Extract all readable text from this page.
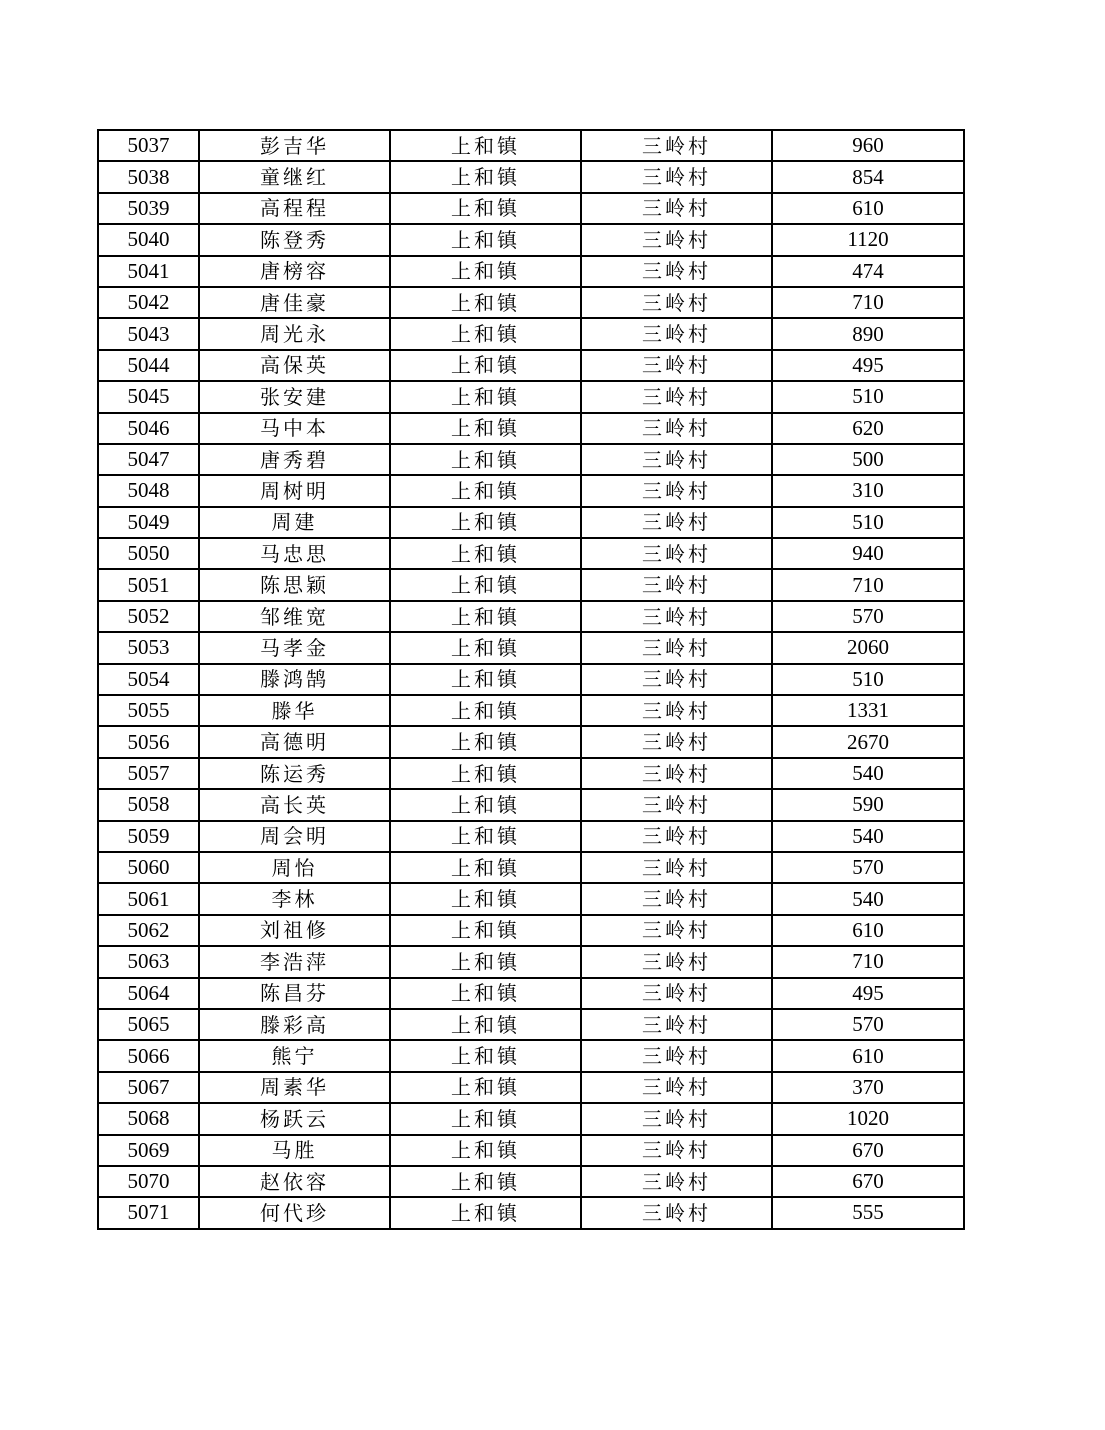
5037	彭吉华	上和镇	三岭村	960
5038	童继红	上和镇	三岭村	854
5039	高程程	上和镇	三岭村	610
5040	陈登秀	上和镇	三岭村	1120
5041	唐榜容	上和镇	三岭村	474
5042	唐佳豪	上和镇	三岭村	710
5043	周光永	上和镇	三岭村	890
5044	高保英	上和镇	三岭村	495
5045	张安建	上和镇	三岭村	510
5046	马中本	上和镇	三岭村	620
5047	唐秀碧	上和镇	三岭村	500
5048	周树明	上和镇	三岭村	310
5049	周建	上和镇	三岭村	510
5050	马忠思	上和镇	三岭村	940
5051	陈思颖	上和镇	三岭村	710
5052	邹维宽	上和镇	三岭村	570
5053	马孝金	上和镇	三岭村	2060
5054	滕鸿鹄	上和镇	三岭村	510
5055	滕华	上和镇	三岭村	1331
5056	高德明	上和镇	三岭村	2670
5057	陈运秀	上和镇	三岭村	540
5058	高长英	上和镇	三岭村	590
5059	周会明	上和镇	三岭村	540
5060	周怡	上和镇	三岭村	570
5061	李林	上和镇	三岭村	540
5062	刘祖修	上和镇	三岭村	610
5063	李浩萍	上和镇	三岭村	710
5064	陈昌芬	上和镇	三岭村	495
5065	滕彩高	上和镇	三岭村	570
5066	熊宁	上和镇	三岭村	610
5067	周素华	上和镇	三岭村	370
5068	杨跃云	上和镇	三岭村	1020
5069	马胜	上和镇	三岭村	670
5070	赵依容	上和镇	三岭村	670
5071	何代珍	上和镇	三岭村	555
